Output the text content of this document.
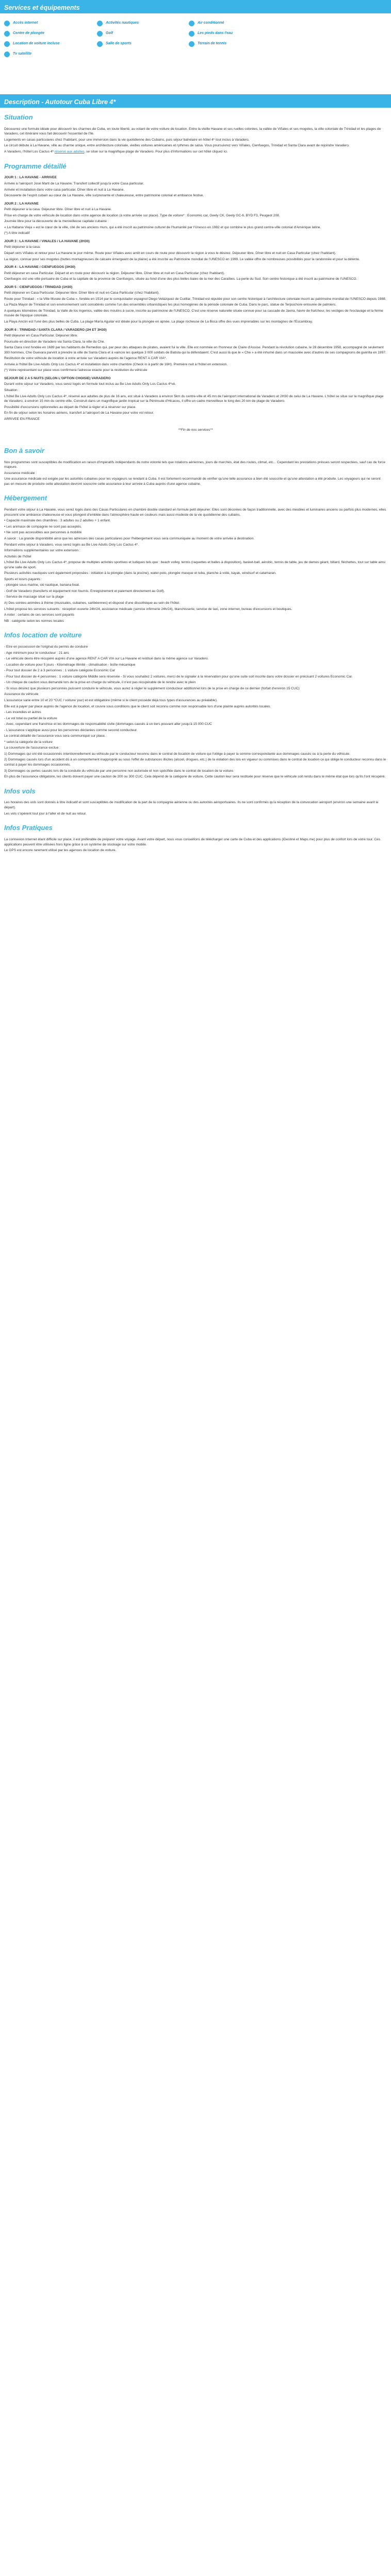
Services et équipements
Accès internet	Activités nautiques	Air conditionné
Centre de plongée	Golf	Les pieds dans l'eau
Location de voiture incluse	Salle de sports	Terrain de tennis
Tv satellite
Description - Autotour Cuba Libre 4*
Situation

Découvrez une formule idéale pour découvrir les charmes de Cuba, en toute liberté, au volant de votre voiture de location. Entre la vieille Havane et ses ruelles colorées, la vallée de Viñales et ses mogotes, la ville coloniale de Trinidad et les plages de Varadero, cet itinéraire vous fait découvrir l'essentiel de l'île.

Logements en casas particulares chez l'habitant, pour une immersion dans la vie quotidienne des Cubains, puis séjour balnéaire en hôtel 4* tout inclus à Varadero.

Le circuit débute à La Havane, ville au charme unique, entre architecture coloniale, vieilles voitures américaines et rythmes de salsa. Vous poursuivrez vers Viñales, Cienfuegos, Trinidad et Santa Clara avant de rejoindre Varadero.

A Varadero, l'hôtel Los Cactus 4* réservé aux adultes, se situe sur la magnifique plage de Varadero. Pour plus d'informations sur cet hôtel cliquez ici.

Programme détaillé

JOUR 1 : LA HAVANE - ARRIVEE

Arrivée à l'aéroport José Martí de La Havane. Transfert collectif jusqu'à votre Casa particular.

Arrivée et installation dans votre casa particular. Dîner libre et nuit à La Havane.

Découverte de l'esprit cubain au cœur de La Havane, ville surprenante et chaleureuse, entre patrimoine colonial et ambiance festive.

JOUR 2 : LA HAVANE

Petit déjeuner à la casa. Déjeuner libre. Dîner libre et nuit à La Havane.

Prise en charge de votre véhicule de location dans votre agence de location (à votre arrivée sur place). Type de voiture* : Economic car, Geely CK, Geely GC-6, BYD F3, Peugeot 208.

Journée libre pour la découverte de la merveilleuse capitale cubaine :

« La Habana Vieja » est le cœur de la ville, cité de ses anciens murs, qui a été inscrit au patrimoine culturel de l'humanité par l'Unesco en 1982 et qui combine le plus grand centre-ville colonial d'Amérique latine.

(*) A titre indicatif

JOUR 3 : LA HAVANE / VINALES / LA HAVANE (2H30)

Petit déjeuner à la casa.

Départ vers Viñales et retour pour La Havane le jour même. Route pour Viñales avec arrêt en cours de route pour découvrir la région à vous le désirez. Déjeuner libre. Dîner libre et nuit en Casa Particular (chez l'habitant).

La région, connue pour ses mogotes (buttes montagneuses de calcaire émergeant de la plaine) a été inscrite au Patrimoine mondial de l'UNESCO en 1999. Le vallée offre de nombreuses possibilités pour la randonnée et pour la détente.

JOUR 4 : LA HAVANE / CIENFUEGOS (3H30)

Petit déjeuner en casa Particular. Départ et en route pour découvrir la région. Déjeuner libre. Dîner libre et nuit en Casa Particular (chez l'habitant).

Cienfuegos est une ville portuaire de Cuba et la capitale de la province de Cienfuegos, située au fond d'une des plus belles baies de la mer des Caraïbes. La perle du Sud. Son centre historique a été inscrit au patrimoine de l'UNESCO.

JOUR 5 : CIENFUEGOS / TRINIDAD (1H30)

Petit déjeuner en Casa Particular. Déjeuner libre. Dîner libre et nuit en Casa Particular (chez l'habitant).

Route pour Trinidad : « la Ville Musée de Cuba », fondée en 1514 par le conquistador espagnol Diego Velázquez de Cuéllar, Trinidad est réputée pour son centre historique à l'architecture coloniale inscrit au patrimoine mondial de l'UNESCO depuis 1988.

La Plaza Mayor de Trinidad et son environnement sont considérés comme l'un des ensembles urbanistiques les plus homogènes de la période coloniale de Cuba. Dans le parc, statue de Terpsichore entourée de palmiers.

A quelques kilomètres de Trinidad, la Valle de los Ingenios, vallée des moulins à sucre, inscrite au patrimoine de l'UNESCO. C'est une réserve naturelle située connue pour sa cascade de Javira, havre de fraîcheur, les vestiges de l'esclavage et la ferme musée de l'époque coloniale.

La Playa Ancón est l'une des plus belles de Cuba. La plage María Aguilar est idéale pour la plongée en apnée. La plage rocheuse de La Boca offre des vues imprenables sur les montagnes de l'Escambray.

JOUR 6 : TRINIDAD / SANTA CLARA / VARADERO (2H ET 3H30)

Petit déjeuner en Casa Particular. Déjeuner libre.

Poursuite en direction de Varadero via Santa Clara, la ville du Che.

Santa Clara s'est fondée en 1689 par les habitants de Remedios qui, par peur des attaques de pirates, avaient fui la ville. Elle est nommée en l'honneur de Claire d'Assise. Pendant la révolution cubaine, le 28 décembre 1958, accompagné de seulement 300 hommes, Che Guevara parvint à prendre la ville de Santa Clara et à vaincre les quelque 3 000 soldats de Batista qui la défendaient. C'est aussi là que le « Che » a été inhumé dans un mausolée avec d'autres de ses compagnons de guérilla en 1997.

Restitution de votre véhicule de location à votre arrivée sur Varadero auprès de l'agence RENT A CAR VIA*.

Arrivée à l'hôtel Be Live Adults Only Los Cactus 4* et installation dans votre chambre (Check in à partir de 16H). Première nuit à l'hôtel en extension.

(*) Votre représentant sur place vous confirmera l'adresse exacte pour la restitution du véhicule

SEJOUR DE 2 A 5 NUITS (SELON L'OPTION CHOISIE) VARADERO

Durant votre séjour sur Varadero, vous serez logés en formule tout inclus au Be Live Adults Only Los Cactus 4*vé.

Situation :

L'hôtel Be Live Adults Only Los Cactus 4*, réservé aux adultes de plus de 16 ans, est situé à Varadero à environ 5km du centre-ville et 45 mn de l'aéroport international de Varadero et 2H30 de celui de La Havane. L'hôtel se situe sur la magnifique plage de Varadero, à environ 15 min du centre-ville. Construit dans un magnifique jardin tropical sur la Péninsule d'Hicacos, il offre un cadre merveilleux le long des 20 km de plage de Varadero.

Possibilité d'excursions optionnelles au départ de l'hôtel à régler et à réserver sur place.

En fin de séjour selon les horaires aériens, transfert à l'aéroport de La Havane pour votre vol retour.

ARRIVEE EN FRANCE

**Fin de nos services**

Bon à savoir

Nos programmes sont susceptibles de modification en raison d'impératifs indépendants de notre volonté tels que rotations aériennes, jours de marchés, état des routes, climat, etc... Cependant les prestations prévues seront respectées, sauf cas de force majeure.

Assurance médicale :

Une assurance médicale est exigée par les autorités cubaines pour les voyageurs se rendant à Cuba. Il est fortement recommandé de vérifier qu'une telle assurance a bien été souscrite et qu'une attestation a été produite. Les voyageurs qui ne seront pas en mesure de produire cette attestation devront souscrire cette assurance à leur arrivée à Cuba auprès d'une agence cubaine.

Hébergement

Pendant votre séjour à La Havane, vous serez logés dans des Casas Particulares en chambre double standard en formule petit déjeuner. Elles sont décorées de façon traditionnelle, avec des meubles et luminaires anciens ou parfois plus modernes, elles procurent une ambiance chaleureuse et vous plongent d'emblée dans l'atmosphère haute en couleurs mais aussi modeste de la vie quotidienne des cubains.

• Capacité maximale des chambres : 3 adultes ou 2 adultes + 1 enfant.

• Les animaux de compagnie ne sont pas acceptés.

• Ne sont pas accessibles aux personnes à mobilité

A savoir : La grande disponibilité ainsi que les adresses des casas particulares pour l'hébergement vous sera communiquée au moment de votre arrivée à destination.

Pendant votre séjour à Varadero, vous serez logés au Be Live Adults Only Los Cactus 4*.

Informations supplémentaires sur votre extension :

Activités de l'hôtel

L'hôtel Be Live Adults Only Los Cactus 4*, propose de multiples activités sportives et ludiques tels que : beach volley, tennis (raquettes et balles à disposition), basket-ball, aérobic, tennis de table, jeu de dames géant, billard, fléchettes, tout sur table ainsi qu'une salle de sport.

Plusieurs activités nautiques sont également proposées : initiation à la plongée (dans la piscine), water-polo, plongée masque et tuba, planche à voile, kayak, windsurf et catamaran.

Sports et loisirs payants :

- plongée sous-marine, ski nautique, banana boat.

- Golf de Varadero (transferts et équipement non fournis. Enregistrement et paiement directement au Golf).

- Service de massage situé sur la plage

A) Des soirées animées à thème (musicales, cubaines, caribéennes) et disposé d'une discothèque au sein de l'hôtel.

L'hôtel propose les services suivants : réception ouverte 24h/24, assistance médicale (service infirmerie 24h/24), blanchisserie, service de taxi, zone internet, bureau d'excursions et boutiques.

A noter : certains de ces services sont payants

NB : catégorie selon les normes locales

Infos location de voiture

- Etre en possession de l'original du permis de conduire

- Age minimum pour le conducteur : 21 ans

- Le véhicule devra être récupéré auprès d'une agence RENT A CAR VIA sur La Havane et restitué dans la même agence sur Varadero.

- Location de voiture pour 5 jours - Kilométrage illimité - climatisation - boîte mécanique

- Pour tout dossier de 2 à 3 personnes : 1 voiture catégorie Economic Car

- Pour tout dossier de 4 personnes : 1 voiture catégorie Middle sera réservée - Si vous souhaitez 2 voitures, merci de le signaler à la réservation pour qu'une suite soit inscrite dans votre dossier en précisant 2 voitures Economic Car.

- Un chèque de caution vous demandé lors de la prise en charge du véhicule, il n'est pas récupérable de le rendre avec le plein

- Si vous désirez que plusieurs personnes puissent conduire le véhicule, vous aurez à régler le supplément conducteur additionnel lors de la prise en charge de ce dernier (forfait d'environ 15 CUC)

Assurance du véhicule

L'assurance varie entre 10 et 20 *CUC / voiture/ jour) et est obligatoire (même si le client possède déjà tous types d'assurances au préalable).

Elle est à payer par place auprès de l'agence de location, et couvre sous conditions que le client soit reconnu comme non responsable lors d'une plainte auprès autorités locales.

- Les incendies et autres

- Le vol total ou partiel de la voiture

- Avec, cependant une franchise et les dommages de responsabilité civile (dommages causés à un tiers pouvant aller jusqu'à 15 000 CUC

- L'assurance s'applique aussi pour les personnes déclarées comme second conducteur.

Le contrat détaillé de l'assurance vous sera communiqué sur place.

* selon la catégorie de la voiture

La couverture de l'assurance exclue :

1) Dommages qui ont été occasionnés intentionnellement au véhicule par le conducteur reconnu dans le contrat de location de voiture qui l'oblige à payer la somme correspondante aux dommages causés ou à la perte du véhicule.

2) Dommages causés lors d'un accident dû à un comportement inapproprié au sous l'effet de substances illicites (alcool, drogues, etc.) de la violation des lois en vigueur ou commises dans le contrat de location ce qui oblige le conducteur reconnu dans le contrat à payer les dommages occasionnés.

3) Dommages ou pertes causés lors de la conduite du véhicule par une personne non autorisée et non spécifiée dans le contrat de location de la voiture.

En plus de l'assurance obligatoire, les clients doivent payer une caution de 200 ou 300 CUC. Cela dépend de la catégorie de voiture. Cette caution leur sera restituée pour réserve que le véhicule soit rendu dans le même état que lors qu'ils l'ont récupéré.

Infos vols

Les horaires des vols sont donnés à titre indicatif et sont susceptibles de modification de la part de la compagnie aérienne ou des autorités aéroportuaires. Ils ne sont confirmés qu'à réception de la convocation aéroport (environ une semaine avant le départ).

Les vols s'opèrent tout jour à l'aller et de nuit au retour.

Infos Pratiques

La connexion Internet étant difficile sur place, il est préférable de préparer votre voyage. Avant votre départ, nous vous conseillons de télécharger une carte de Cuba et des applications (iDestiné et Maps.me) pour plus de confort lors de votre tour. Ces applications peuvent être utilisées hors ligne grâce à un système de stockage sur votre mobile.

Le GPS est encore rarement utilisé par les agences de location de voiture.
